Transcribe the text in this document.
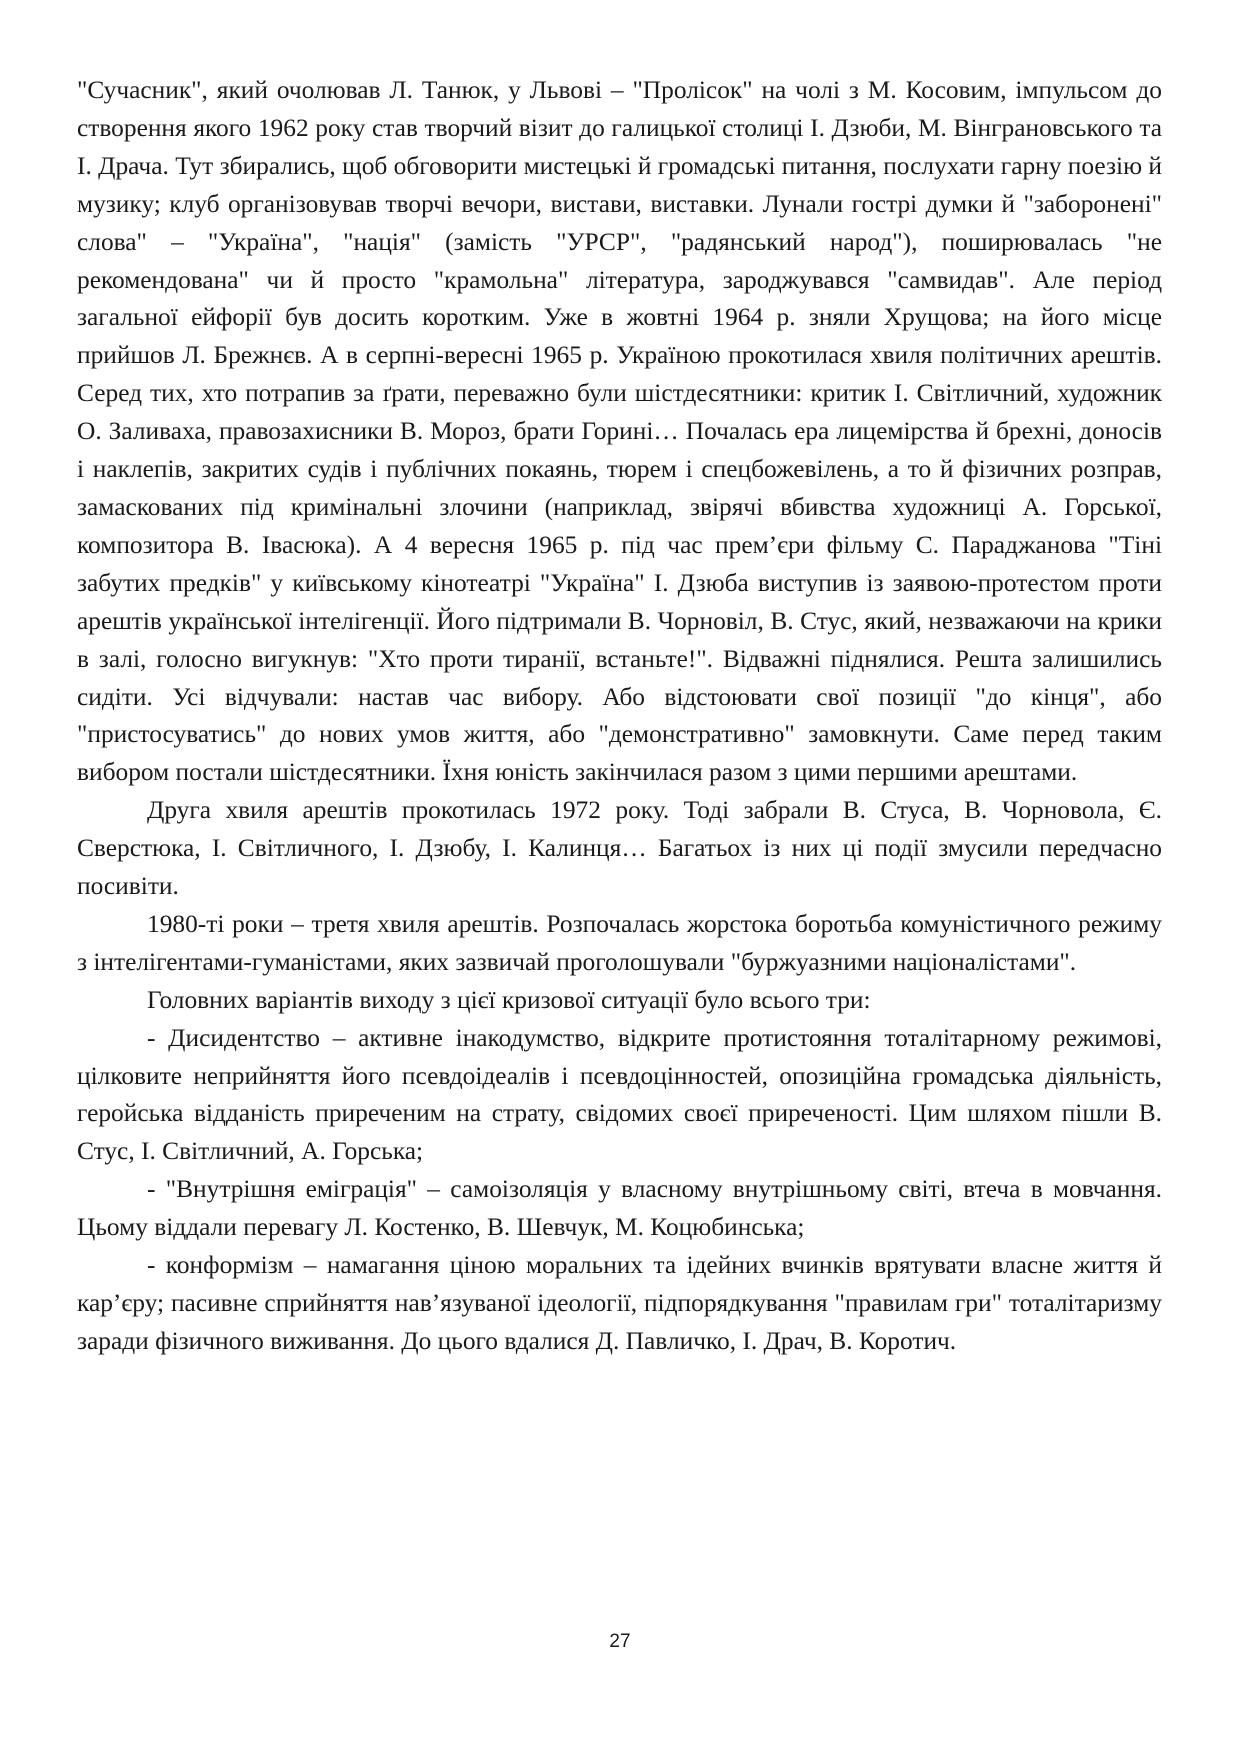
"Сучасник", який очолював Л. Танюк, у Львові – "Пролісок" на чолі з М. Косовим, імпульсом до створення якого 1962 року став творчий візит до галицької столиці І. Дзюби, М. Вінграновського та І. Драча. Тут збирались, щоб обговорити мистецькі й громадські питання, послухати гарну поезію й музику; клуб організовував творчі вечори, вистави, виставки. Лунали гострі думки й "заборонені" слова" – "Україна", "нація" (замість "УРСР", "радянський народ"), поширювалась "не рекомендована" чи й просто "крамольна" література, зароджувався "самвидав". Але період загальної ейфорії був досить коротким. Уже в жовтні 1964 р. зняли Хрущова; на його місце прийшов Л. Брежнєв. А в серпні-вересні 1965 р. Україною прокотилася хвиля політичних арештів. Серед тих, хто потрапив за ґрати, переважно були шістдесятники: критик І. Світличний, художник О. Заливаха, правозахисники В. Мороз, брати Горині… Почалась ера лицемірства й брехні, доносів і наклепів, закритих судів і публічних покаянь, тюрем і спецбожевілень, а то й фізичних розправ, замаскованих під кримінальні злочини (наприклад, звірячі вбивства художниці А. Горської, композитора В. Івасюка). А 4 вересня 1965 р. під час прем’єри фільму С. Параджанова "Тіні забутих предків" у київському кінотеатрі "Україна" І. Дзюба виступив із заявою-протестом проти арештів української інтелігенції. Його підтримали В. Чорновіл, В. Стус, який, незважаючи на крики в залі, голосно вигукнув: "Хто проти тиранії, встаньте!". Відважні піднялися. Решта залишились сидіти. Усі відчували: настав час вибору. Або відстоювати свої позиції "до кінця", або "пристосуватись" до нових умов життя, або "демонстративно" замовкнути. Саме перед таким вибором постали шістдесятники. Їхня юність закінчилася разом з цими першими арештами.

Друга хвиля арештів прокотилась 1972 року. Тоді забрали В. Стуса, В. Чорновола, Є. Сверстюка, І. Світличного, І. Дзюбу, І. Калинця… Багатьох із них ці події змусили передчасно посивіти.

1980-ті роки – третя хвиля арештів. Розпочалась жорстока боротьба комуністичного режиму з інтелігентами-гуманістами, яких зазвичай проголошували "буржуазними націоналістами".

Головних варіантів виходу з цієї кризової ситуації було всього три:

- Дисидентство – активне інакодумство, відкрите протистояння тоталітарному режимові, цілковите неприйняття його псевдоідеалів і псевдоцінностей, опозиційна громадська діяльність, геройська відданість приреченим на страту, свідомих своєї приреченості. Цим шляхом пішли В. Стус, І. Світличний, А. Горська;

- "Внутрішня еміграція" – самоізоляція у власному внутрішньому світі, втеча в мовчання. Цьому віддали перевагу Л. Костенко, В. Шевчук, М. Коцюбинська;

- конформізм – намагання ціною моральних та ідейних вчинків врятувати власне життя й кар’єру; пасивне сприйняття нав’язуваної ідеології, підпорядкування "правилам гри" тоталітаризму заради фізичного виживання. До цього вдалися Д. Павличко, І. Драч, В. Коротич.

27
